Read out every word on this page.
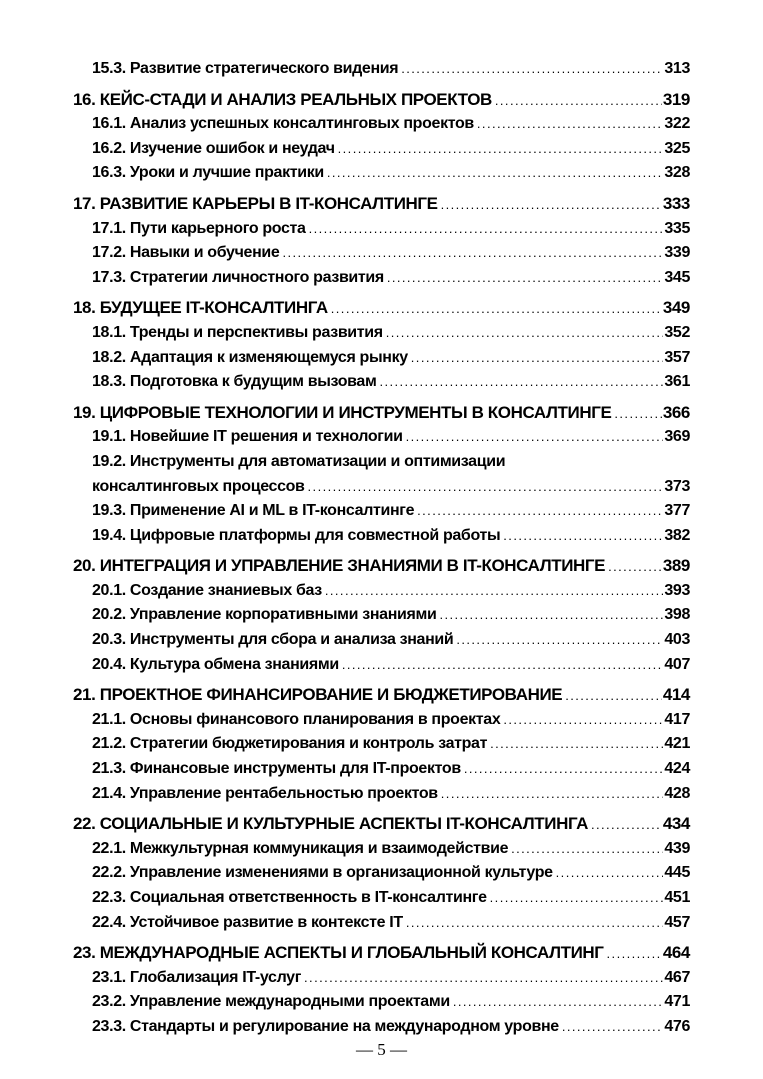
15.3. Развитие стратегического видения .....	313
16. КЕЙС-СТАДИ И АНАЛИЗ РЕАЛЬНЫХ ПРОЕКТОВ .....	319
16.1. Анализ успешных консалтинговых проектов .....	322
16.2. Изучение ошибок и неудач .....	325
16.3. Уроки и лучшие практики .....	328
17. РАЗВИТИЕ КАРЬЕРЫ В IT-КОНСАЛТИНГЕ .....	333
17.1. Пути карьерного роста .....	335
17.2. Навыки и обучение .....	339
17.3. Стратегии личностного развития .....	345
18. БУДУЩЕЕ IT-КОНСАЛТИНГА .....	349
18.1. Тренды и перспективы развития .....	352
18.2. Адаптация к изменяющемуся рынку .....	357
18.3. Подготовка к будущим вызовам .....	361
19. ЦИФРОВЫЕ ТЕХНОЛОГИИ И ИНСТРУМЕНТЫ В КОНСАЛТИНГЕ .....	366
19.1. Новейшие IT решения и технологии .....	369
19.2. Инструменты для автоматизации и оптимизации
консалтинговых процессов .....	373
19.3. Применение AI и ML в IT-консалтинге .....	377
19.4. Цифровые платформы для совместной работы .....	382
20. ИНТЕГРАЦИЯ И УПРАВЛЕНИЕ ЗНАНИЯМИ В IT-КОНСАЛТИНГЕ .....	389
20.1. Создание знаниевых баз .....	393
20.2. Управление корпоративными знаниями .....	398
20.3. Инструменты для сбора и анализа знаний .....	403
20.4. Культура обмена знаниями .....	407
21. ПРОЕКТНОЕ ФИНАНСИРОВАНИЕ И БЮДЖЕТИРОВАНИЕ .....	414
21.1. Основы финансового планирования в проектах .....	417
21.2. Стратегии бюджетирования и контроль затрат .....	421
21.3. Финансовые инструменты для IT-проектов .....	424
21.4. Управление рентабельностью проектов .....	428
22. СОЦИАЛЬНЫЕ И КУЛЬТУРНЫЕ АСПЕКТЫ IT-КОНСАЛТИНГА .....	434
22.1. Межкультурная коммуникация и взаимодействие .....	439
22.2. Управление изменениями в организационной культуре .....	445
22.3. Социальная ответственность в IT-консалтинге .....	451
22.4. Устойчивое развитие в контексте IT .....	457
23. МЕЖДУНАРОДНЫЕ АСПЕКТЫ И ГЛОБАЛЬНЫЙ КОНСАЛТИНГ .....	464
23.1. Глобализация IT-услуг .....	467
23.2. Управление международными проектами .....	471
23.3. Стандарты и регулирование на международном уровне .....	476
— 5 —
